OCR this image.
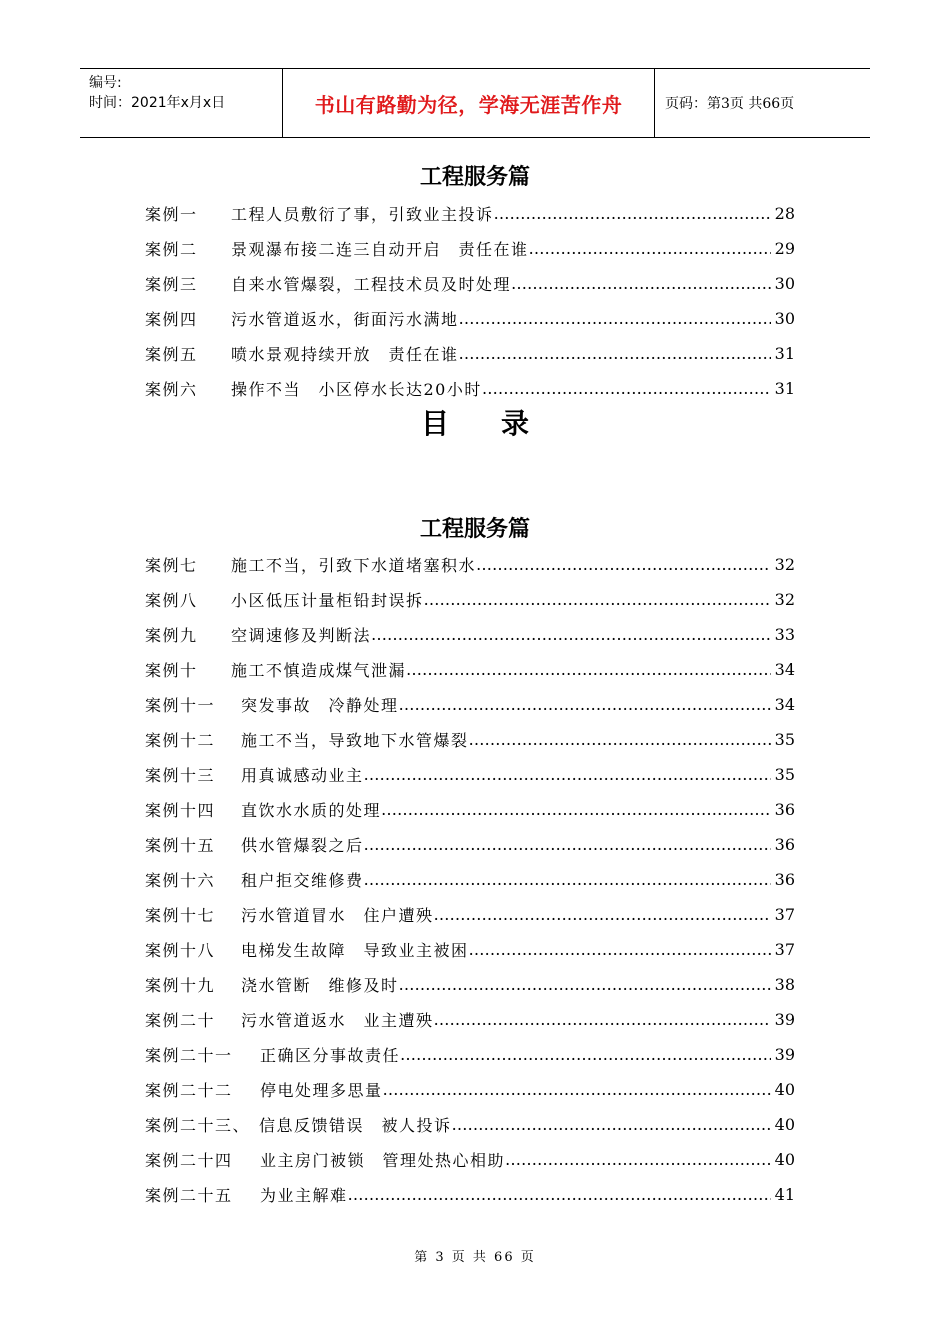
编号:
时间：2021年x月x日	书山有路勤为径，学海无涯苦作舟	页码：第3页 共66页
工程服务篇
案例一	工程人员敷衍了事，引致业主投诉 …………………………………………………………………………………………………………………………………………	28
案例二	景观瀑布接二连三自动开启　责任在谁 …………………………………………………………………………………………………………………………………………	29
案例三	自来水管爆裂，工程技术员及时处理 …………………………………………………………………………………………………………………………………………	30
案例四	污水管道返水，街面污水满地 …………………………………………………………………………………………………………………………………………	30
案例五	喷水景观持续开放　责任在谁 …………………………………………………………………………………………………………………………………………	31
案例六	操作不当　小区停水长达20小时 …………………………………………………………………………………………………………………………………………	31
目录
工程服务篇
案例七	施工不当，引致下水道堵塞积水 …………………………………………………………………………………………………………………………………………	32
案例八	小区低压计量柜铅封误拆 …………………………………………………………………………………………………………………………………………	32
案例九	空调速修及判断法 …………………………………………………………………………………………………………………………………………	33
案例十	施工不慎造成煤气泄漏 …………………………………………………………………………………………………………………………………………	34
案例十一	突发事故　冷静处理 …………………………………………………………………………………………………………………………………………	34
案例十二	施工不当，导致地下水管爆裂 …………………………………………………………………………………………………………………………………………	35
案例十三	用真诚感动业主 …………………………………………………………………………………………………………………………………………	35
案例十四	直饮水水质的处理 …………………………………………………………………………………………………………………………………………	36
案例十五	供水管爆裂之后 …………………………………………………………………………………………………………………………………………	36
案例十六	租户拒交维修费 …………………………………………………………………………………………………………………………………………	36
案例十七	污水管道冒水　住户遭殃 …………………………………………………………………………………………………………………………………………	37
案例十八	电梯发生故障　导致业主被困 …………………………………………………………………………………………………………………………………………	37
案例十九	浇水管断　维修及时 …………………………………………………………………………………………………………………………………………	38
案例二十	污水管道返水　业主遭殃 …………………………………………………………………………………………………………………………………………	39
案例二十一	正确区分事故责任 …………………………………………………………………………………………………………………………………………	39
案例二十二	停电处理多思量 …………………………………………………………………………………………………………………………………………	40
案例二十三、 信息反馈错误　被人投诉 …………………………………………………………………………………………………………………………………………	40
案例二十四	业主房门被锁　管理处热心相助 …………………………………………………………………………………………………………………………………………	40
案例二十五	为业主解难 …………………………………………………………………………………………………………………………………………	41
第 3 页 共 66 页
